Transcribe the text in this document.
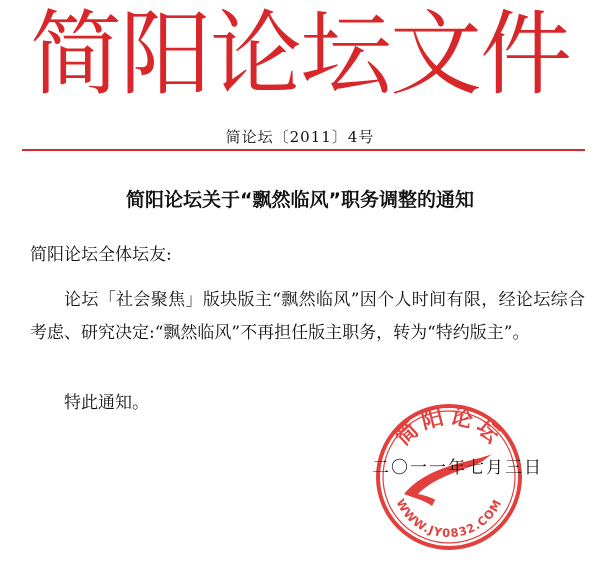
简阳论坛文件
简论坛〔2011〕4号
简阳论坛关于“飘然临风”职务调整的通知
简阳论坛全体坛友:

论坛「社会聚焦」版块版主“飘然临风”因个人时间有限，经论坛综合考虑、研究决定:“飘然临风”不再担任版主职务，转为“特约版主”。

特此通知。
简阳论坛
WWW.JY0832.COM
二〇一一年七月三日
